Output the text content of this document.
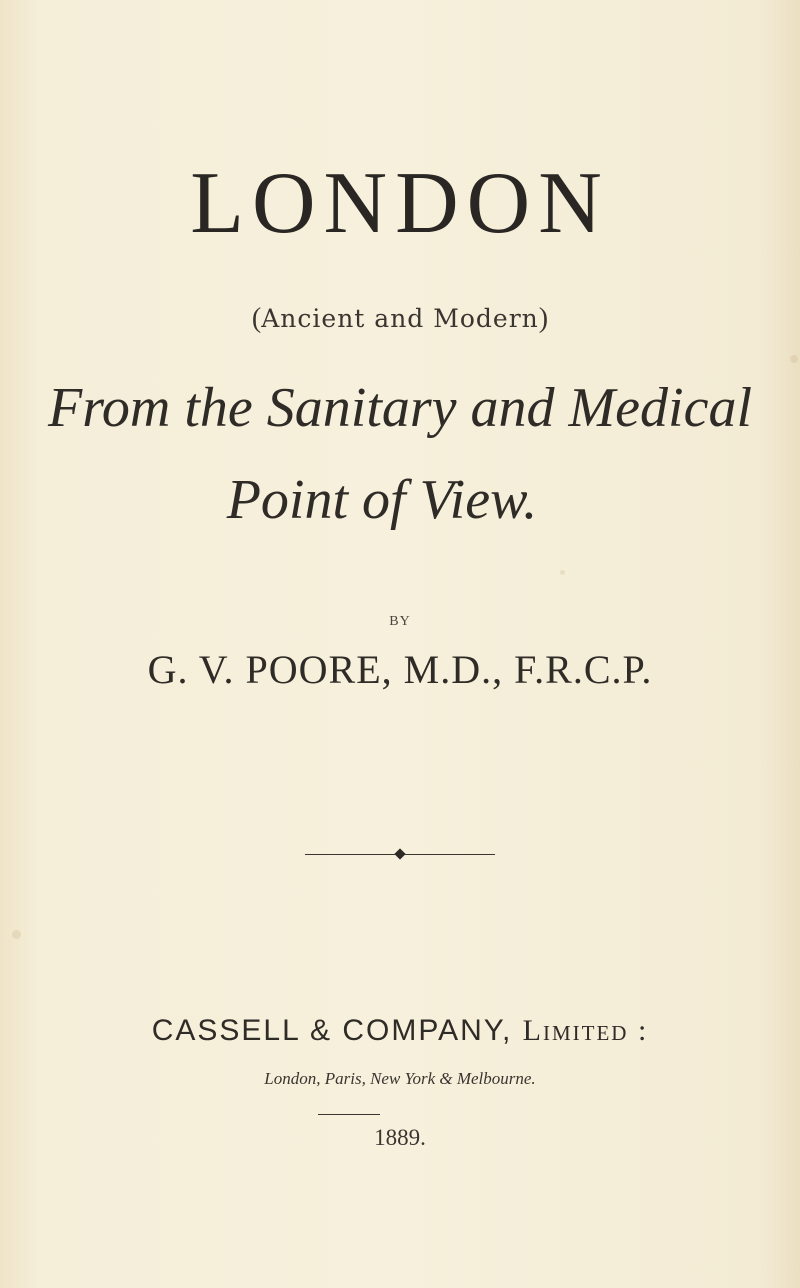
LONDON
(Ancient and Modern)
From the Sanitary and Medical
Point of View.
BY
G. V. POORE, M.D., F.R.C.P.
CASSELL & COMPANY, Limited :
London, Paris, New York & Melbourne.
1889.
